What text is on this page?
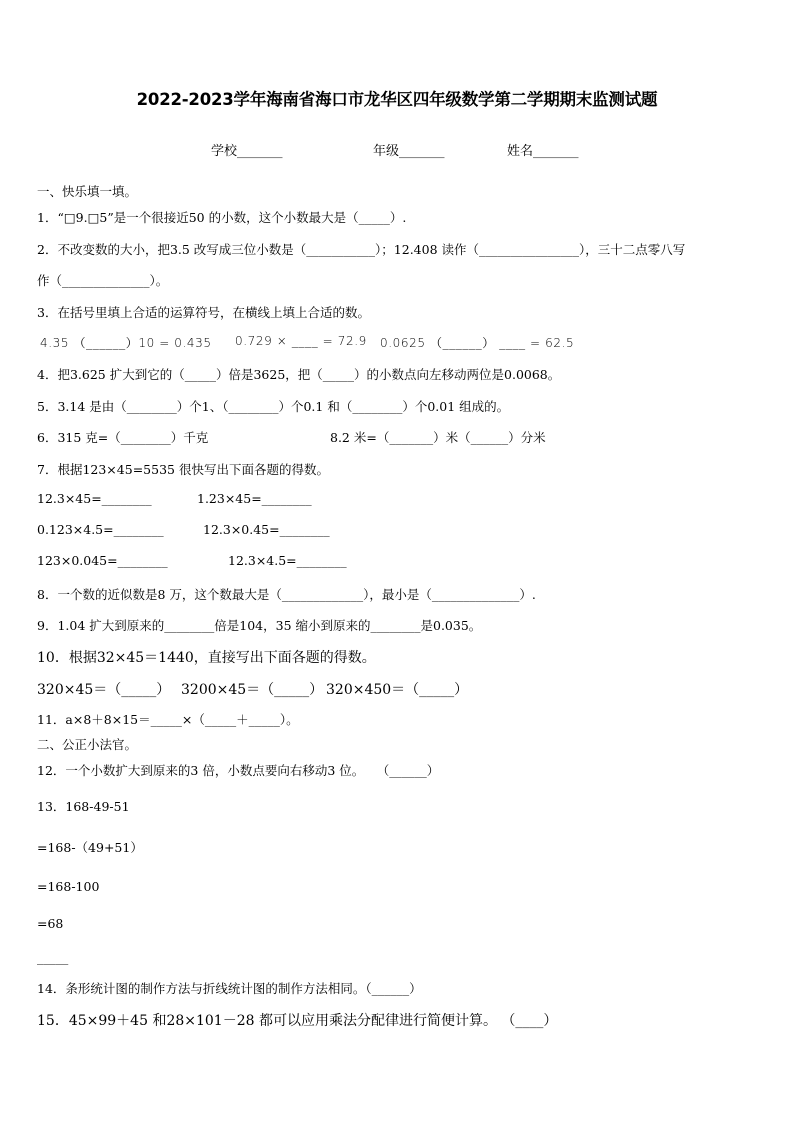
2022-2023学年海南省海口市龙华区四年级数学第二学期期末监测试题
学校_______	年级_______	姓名_______
一、快乐填一填。
1．“□9.□5”是一个很接近50 的小数，这个小数最大是（_____）.
2．不改变数的大小，把3.5 改写成三位小数是（___________）；12.408 读作（________________），三十二点零八写
作（______________）。
3．在括号里填上合适的运算符号，在横线上填上合适的数。
4.35 （______）10 = 0.435 0.729 × ____ = 72.9 0.0625 （______） ____ = 62.5
4．把3.625 扩大到它的（_____）倍是3625，把（_____）的小数点向左移动两位是0.0068。
5．3.14 是由（________）个1、（________）个0.1 和（________）个0.01 组成的。
6．315 克=（________）千克	8.2 米=（_______）米（______）分米
7．根据123×45=5535 很快写出下面各题的得数。
12.3×45=________	1.23×45=________
0.123×4.5=________	12.3×0.45=________
123×0.045=________	12.3×4.5=________
8．一个数的近似数是8 万，这个数最大是（_____________），最小是（______________）.
9．1.04 扩大到原来的________倍是104，35 缩小到原来的________是0.035。
10．根据32×45＝1440，直接写出下面各题的得数。
320×45＝（_____） 3200×45＝（_____） 320×450＝（_____）
11．a×8＋8×15＝_____×（_____＋_____）。
二、公正小法官。
12．一个小数扩大到原来的3 倍，小数点要向右移动3 位。　　（______）
13．168-49-51
=168-（49+51）
=168-100
=68
_____
14．条形统计图的制作方法与折线统计图的制作方法相同。（______）
15．45×99＋45 和28×101－28 都可以应用乘法分配律进行简便计算。 （____）
